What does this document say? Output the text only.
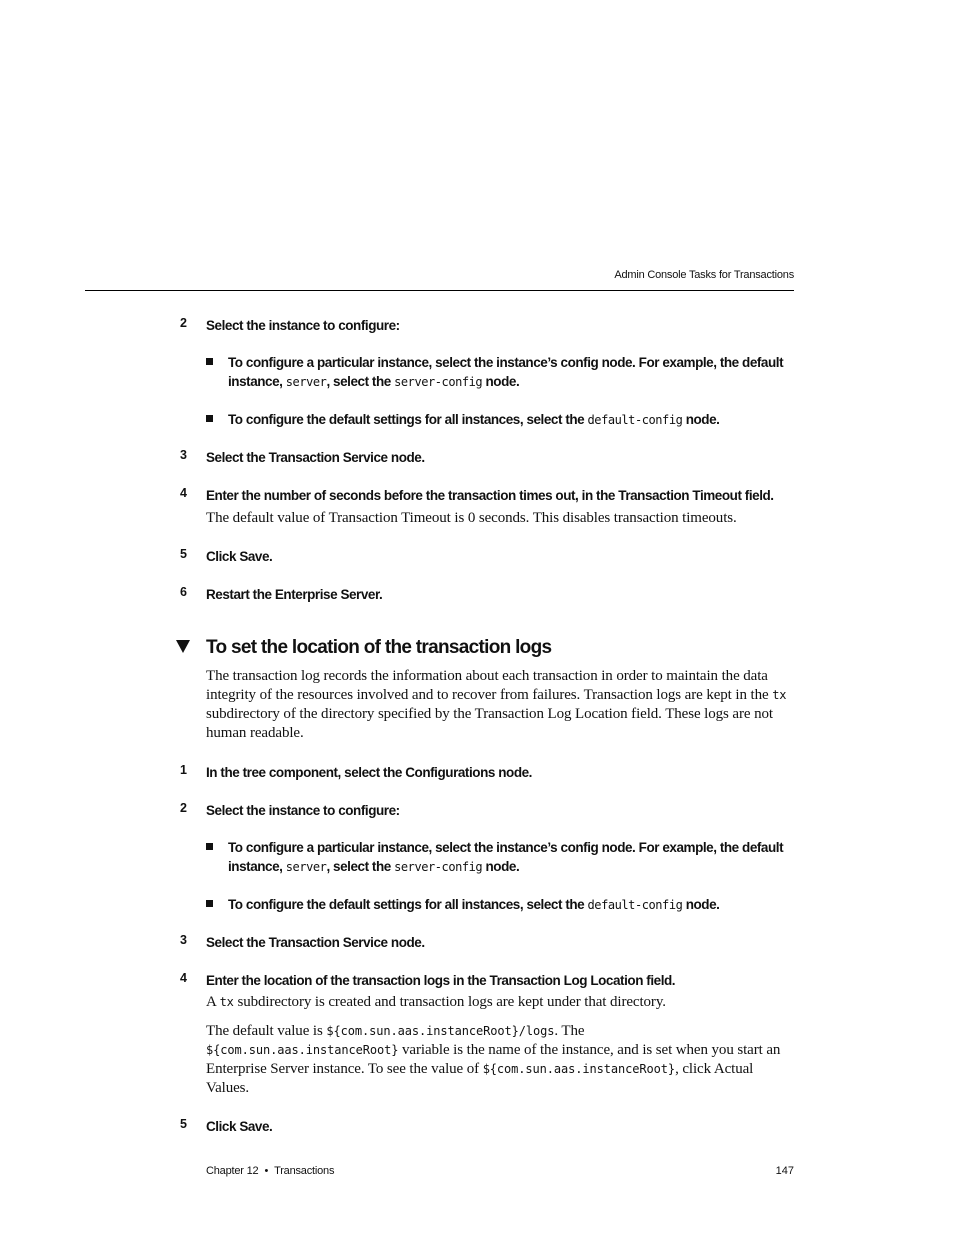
Admin Console Tasks for Transactions
2 Select the instance to configure:
To configure a particular instance, select the instance’s config node. For example, the default instance, server, select the server-config node.
To configure the default settings for all instances, select the default-config node.
3 Select the Transaction Service node.
4 Enter the number of seconds before the transaction times out, in the Transaction Timeout field.
The default value of Transaction Timeout is 0 seconds. This disables transaction timeouts.
5 Click Save.
6 Restart the Enterprise Server.
To set the location of the transaction logs
The transaction log records the information about each transaction in order to maintain the data integrity of the resources involved and to recover from failures. Transaction logs are kept in the tx subdirectory of the directory specified by the Transaction Log Location field. These logs are not human readable.
1 In the tree component, select the Configurations node.
2 Select the instance to configure:
To configure a particular instance, select the instance’s config node. For example, the default instance, server, select the server-config node.
To configure the default settings for all instances, select the default-config node.
3 Select the Transaction Service node.
4 Enter the location of the transaction logs in the Transaction Log Location field.
A tx subdirectory is created and transaction logs are kept under that directory.
The default value is ${com.sun.aas.instanceRoot}/logs. The
${com.sun.aas.instanceRoot} variable is the name of the instance, and is set when you start an Enterprise Server instance. To see the value of ${com.sun.aas.instanceRoot}, click Actual Values.
5 Click Save.
Chapter 12 • Transactions	147
